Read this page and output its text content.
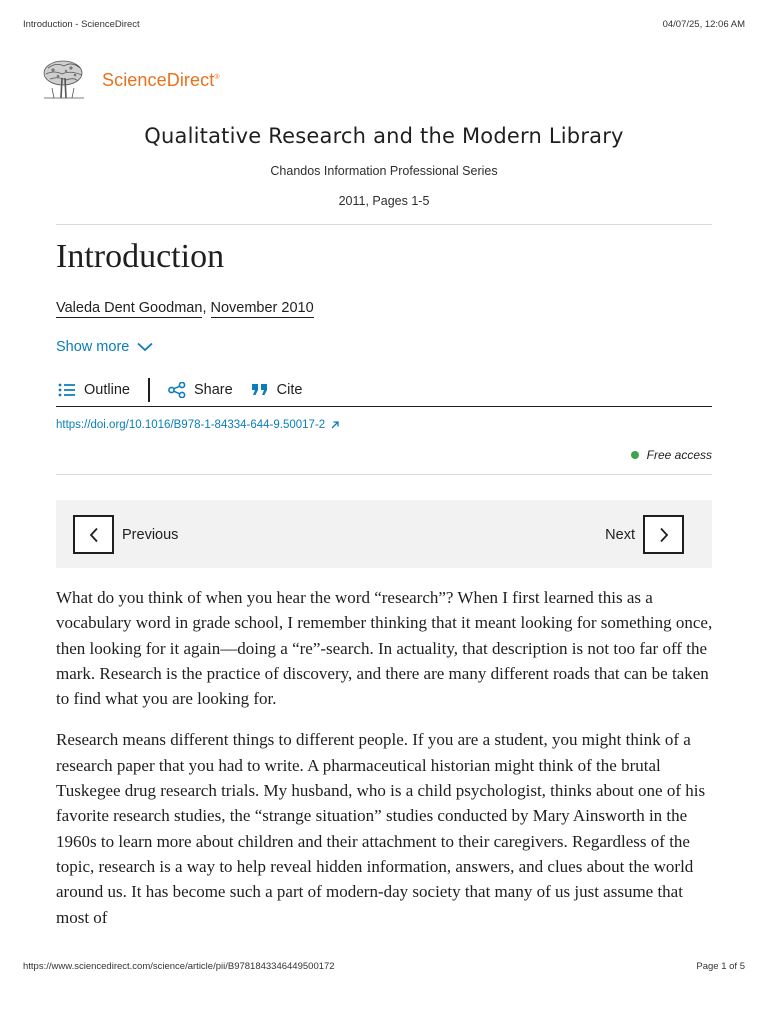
Introduction - ScienceDirect	04/07/25, 12:06 AM
ScienceDirect®
Qualitative Research and the Modern Library
Chandos Information Professional Series
2011, Pages 1-5
Introduction
Valeda Dent Goodman, November 2010
Show more
Outline	Share	Cite
https://doi.org/10.1016/B978-1-84334-644-9.50017-2
Free access
Previous	Next

What do you think of when you hear the word “research”? When I first learned this as a vocabulary word in grade school, I remember thinking that it meant looking for something once, then looking for it again—doing a “re”-search. In actuality, that description is not too far off the mark. Research is the practice of discovery, and there are many different roads that can be taken to find what you are looking for.

Research means different things to different people. If you are a student, you might think of a research paper that you had to write. A pharmaceutical historian might think of the brutal Tuskegee drug research trials. My husband, who is a child psychologist, thinks about one of his favorite research studies, the “strange situation” studies conducted by Mary Ainsworth in the 1960s to learn more about children and their attachment to their caregivers. Regardless of the topic, research is a way to help reveal hidden information, answers, and clues about the world around us. It has become such a part of modern-day society that many of us just assume that most of

https://www.sciencedirect.com/science/article/pii/B9781843346449500172	Page 1 of 5
